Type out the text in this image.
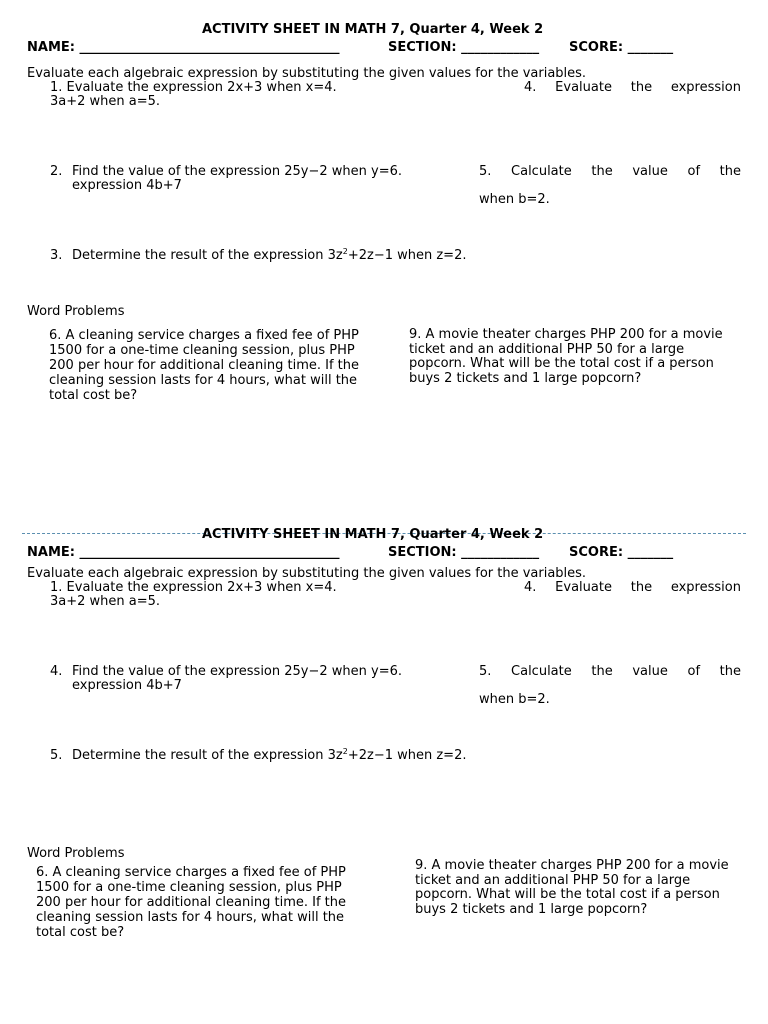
ACTIVITY SHEET IN MATH 7, Quarter 4, Week 2
NAME: ________________________________________	SECTION: ____________ SCORE: _______
Evaluate each algebraic expression by substituting the given values for the variables.
1. Evaluate the expression 2x+3 when x=4.	4. Evaluate the expression
3a+2 when a=5.
2. Find the value of the expression 25y−2 when y=6.
expression 4b+7
5. Calculate the value of the
when b=2.
3. Determine the result of the expression $3z^2+2z-1$ when z=2.
Word Problems
6. A cleaning service charges a fixed fee of PHP 1500 for a one-time cleaning session, plus PHP 200 per hour for additional cleaning time. If the cleaning session lasts for 4 hours, what will the total cost be?
9. A movie theater charges PHP 200 for a movie ticket and an additional PHP 50 for a large popcorn. What will be the total cost if a person buys 2 tickets and 1 large popcorn?
ACTIVITY SHEET IN MATH 7, Quarter 4, Week 2
NAME: ________________________________________	SECTION: ____________ SCORE: _______
Evaluate each algebraic expression by substituting the given values for the variables.
1. Evaluate the expression 2x+3 when x=4.	4. Evaluate the expression
3a+2 when a=5.
4. Find the value of the expression 25y−2 when y=6.
expression 4b+7
5. Calculate the value of the
when b=2.
5. Determine the result of the expression $3z^2+2z-1$ when z=2.
Word Problems
6. A cleaning service charges a fixed fee of PHP 1500 for a one-time cleaning session, plus PHP 200 per hour for additional cleaning time. If the cleaning session lasts for 4 hours, what will the total cost be?
9. A movie theater charges PHP 200 for a movie ticket and an additional PHP 50 for a large popcorn. What will be the total cost if a person buys 2 tickets and 1 large popcorn?
